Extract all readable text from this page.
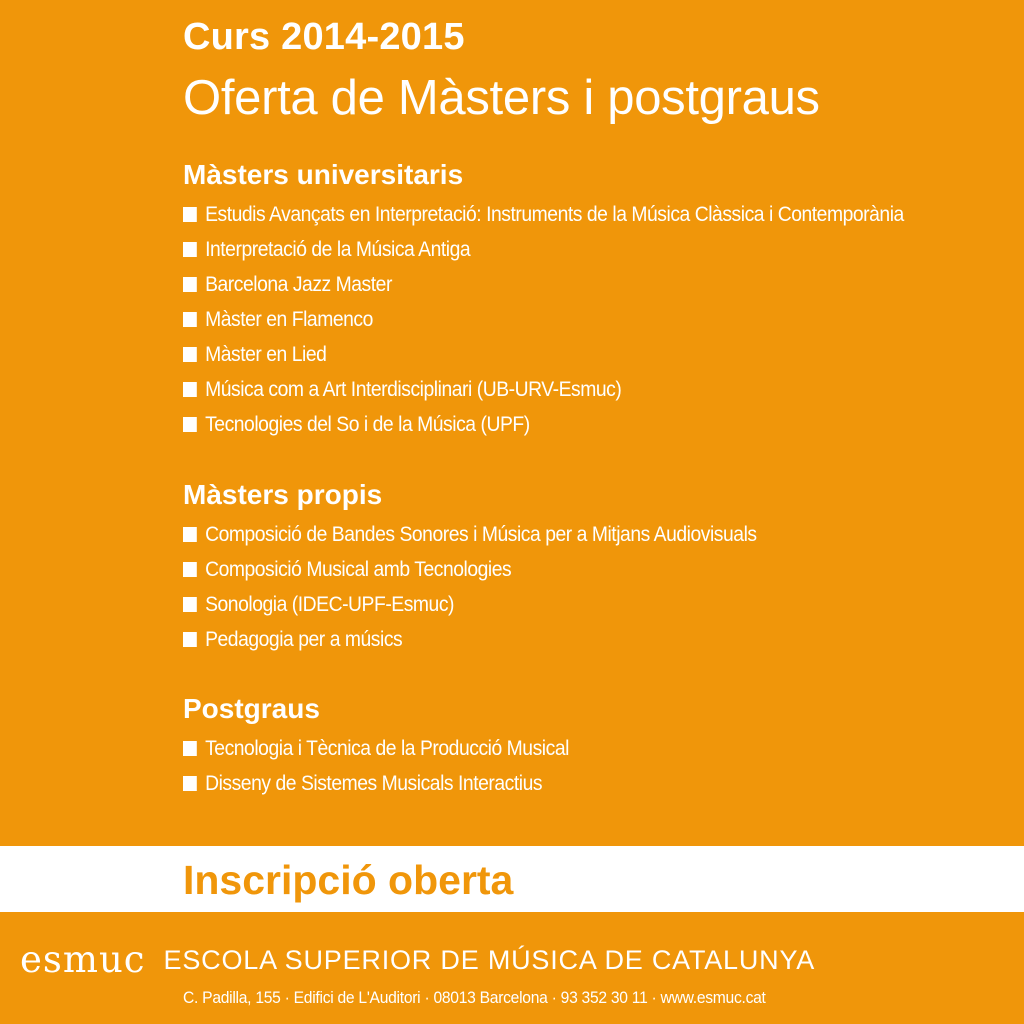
Curs 2014-2015
Oferta de Màsters i postgraus
Màsters universitaris
Estudis Avançats en Interpretació: Instruments de la Música Clàssica i Contemporània
Interpretació de la Música Antiga
Barcelona Jazz Master
Màster en Flamenco
Màster en Lied
Música com a Art Interdisciplinari (UB-URV-Esmuc)
Tecnologies del So i de la Música (UPF)
Màsters propis
Composició de Bandes Sonores i Música per a Mitjans Audiovisuals
Composició Musical amb Tecnologies
Sonologia (IDEC-UPF-Esmuc)
Pedagogia per a músics
Postgraus
Tecnologia i Tècnica de la Producció Musical
Disseny de Sistemes Musicals Interactius
Inscripció oberta
esmuc ESCOLA SUPERIOR DE MÚSICA DE CATALUNYA
C. Padilla, 155 · Edifici de L'Auditori · 08013 Barcelona · 93 352 30 11 · www.esmuc.cat
